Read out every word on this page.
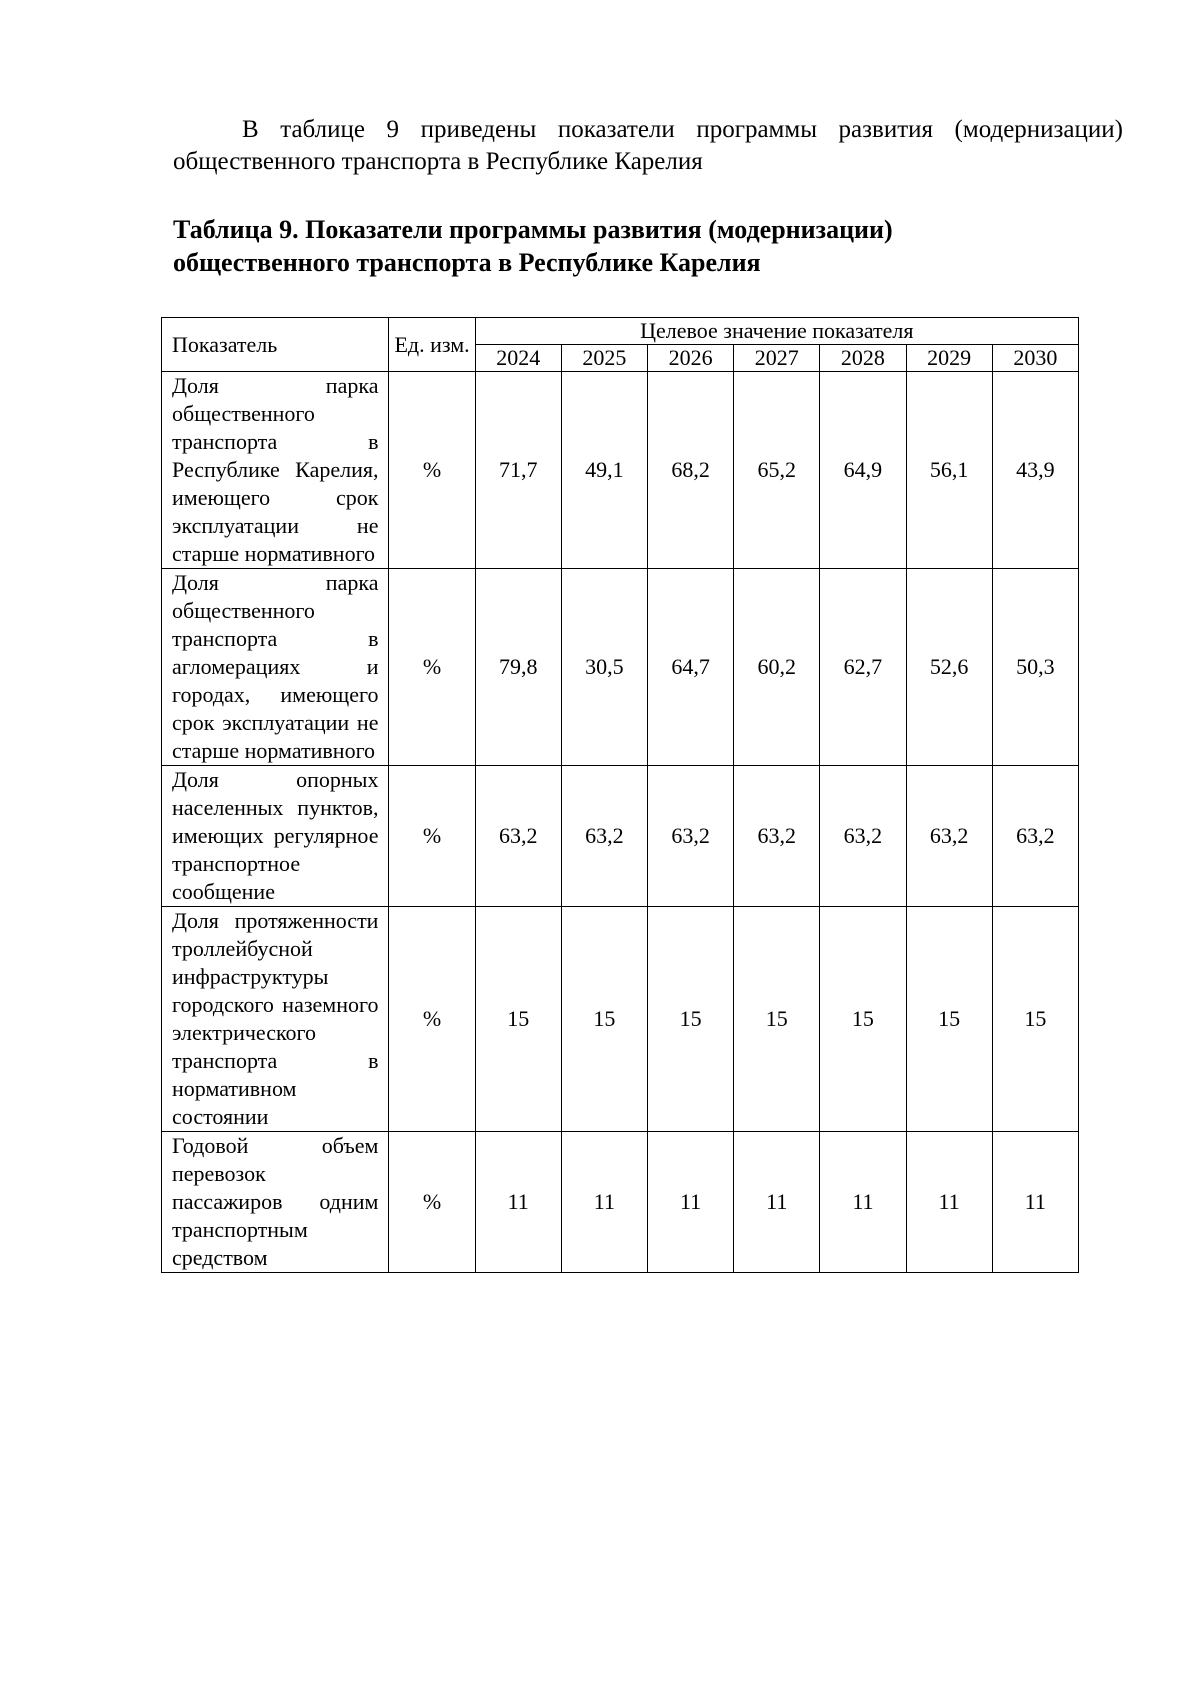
В таблице 9 приведены показатели программы развития (модернизации) общественного транспорта в Республике Карелия

Таблица 9. Показатели программы развития (модернизации) общественного транспорта в Республике Карелия

Показатель	Ед. изм.	Целевое значение показателя						
		2024	2025	2026	2027	2028	2029	2030
Доля парка общественного транспорта в Республике Карелия, имеющего срок эксплуатации не старше нормативного	%	71,7	49,1	68,2	65,2	64,9	56,1	43,9
Доля парка общественного транспорта в агломерациях и городах, имеющего срок эксплуатации не старше нормативного	%	79,8	30,5	64,7	60,2	62,7	52,6	50,3
Доля опорных населенных пунктов, имеющих регулярное транспортное сообщение	%	63,2	63,2	63,2	63,2	63,2	63,2	63,2
Доля протяженности троллейбусной инфраструктуры городского наземного электрического транспорта в нормативном состоянии	%	15	15	15	15	15	15	15
Годовой объем перевозок пассажиров одним транспортным средством	%	11	11	11	11	11	11	11
